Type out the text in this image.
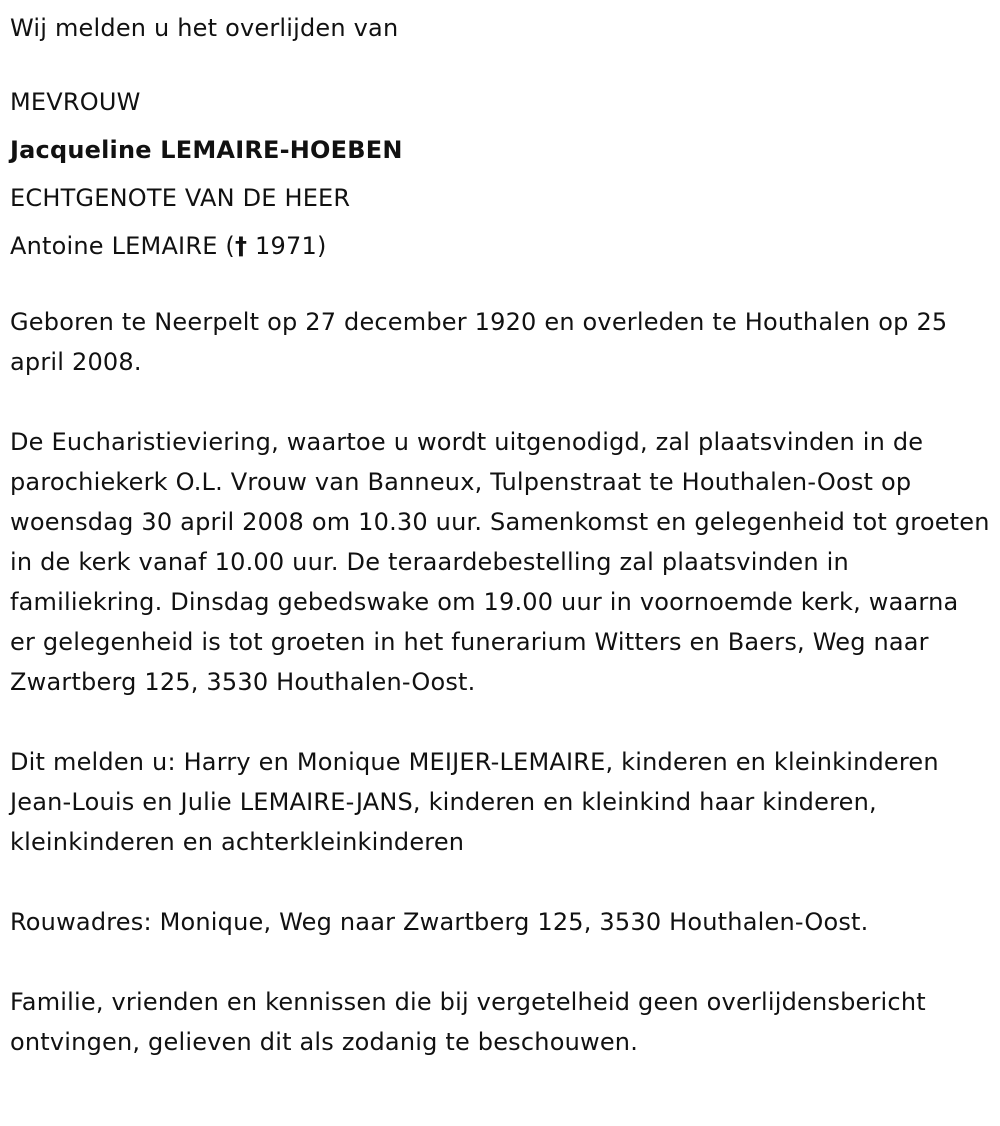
Wij melden u het overlijden van
MEVROUW
Jacqueline LEMAIRE-HOEBEN
ECHTGENOTE VAN DE HEER
Antoine LEMAIRE († 1971)
Geboren te Neerpelt op 27 december 1920 en overleden te Houthalen op 25 april 2008.
De Eucharistieviering, waartoe u wordt uitgenodigd, zal plaatsvinden in de parochiekerk O.L. Vrouw van Banneux, Tulpenstraat te Houthalen-Oost op woensdag 30 april 2008 om 10.30 uur. Samenkomst en gelegenheid tot groeten in de kerk vanaf 10.00 uur. De teraardebestelling zal plaatsvinden in familiekring. Dinsdag gebedswake om 19.00 uur in voornoemde kerk, waarna er gelegenheid is tot groeten in het funerarium Witters en Baers, Weg naar Zwartberg 125, 3530 Houthalen-Oost.
Dit melden u: Harry en Monique MEIJER-LEMAIRE, kinderen en kleinkinderen Jean-Louis en Julie LEMAIRE-JANS, kinderen en kleinkind haar kinderen, kleinkinderen en achterkleinkinderen
Rouwadres: Monique, Weg naar Zwartberg 125, 3530 Houthalen-Oost.
Familie, vrienden en kennissen die bij vergetelheid geen overlijdensbericht ontvingen, gelieven dit als zodanig te beschouwen.
